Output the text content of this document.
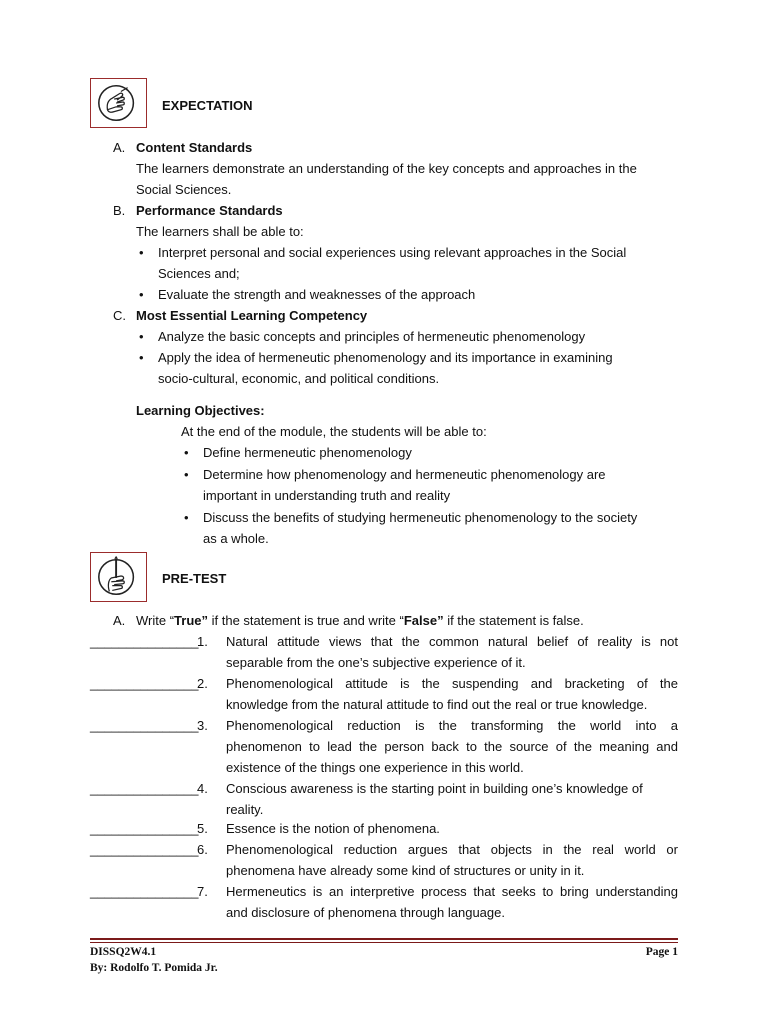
EXPECTATION
A. Content Standards
The learners demonstrate an understanding of the key concepts and approaches in the
Social Sciences.
B. Performance Standards
The learners shall be able to:
• Interpret personal and social experiences using relevant approaches in the Social
Sciences and;
• Evaluate the strength and weaknesses of the approach
C. Most Essential Learning Competency
• Analyze the basic concepts and principles of hermeneutic phenomenology
• Apply the idea of hermeneutic phenomenology and its importance in examining
socio-cultural, economic, and political conditions.
Learning Objectives:
At the end of the module, the students will be able to:
• Define hermeneutic phenomenology
• Determine how phenomenology and hermeneutic phenomenology are
important in understanding truth and reality
• Discuss the benefits of studying hermeneutic phenomenology to the society
as a whole.
PRE-TEST
A. Write “True” if the statement is true and write “False” if the statement is false.
_______________
1. Natural attitude views that the common natural belief of reality is not
separable from the one’s subjective experience of it.
_______________
2. Phenomenological attitude is the suspending and bracketing of the
knowledge from the natural attitude to find out the real or true knowledge.
_______________
3. Phenomenological reduction is the transforming the world into a
phenomenon to lead the person back to the source of the meaning and
existence of the things one experience in this world.
_______________
4. Conscious awareness is the starting point in building one’s knowledge of
reality.
_______________
5. Essence is the notion of phenomena.
_______________
6. Phenomenological reduction argues that objects in the real world or
phenomena have already some kind of structures or unity in it.
_______________
7. Hermeneutics is an interpretive process that seeks to bring understanding
and disclosure of phenomena through language.
DISSQ2W4.1	Page 1
By: Rodolfo T. Pomida Jr.
